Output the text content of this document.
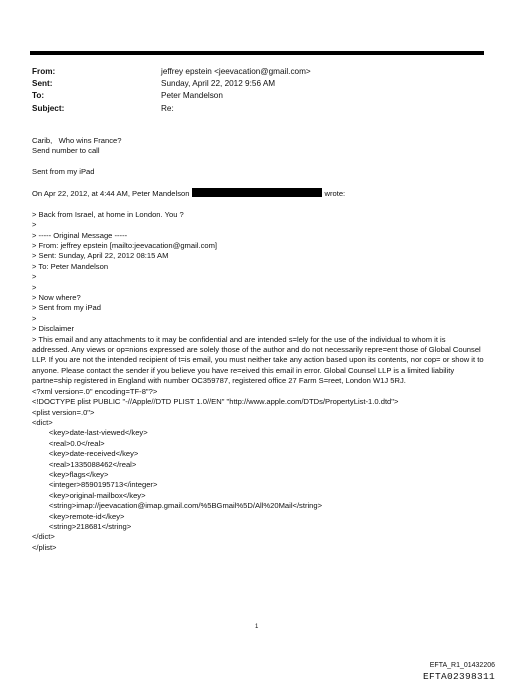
From:	jeffrey epstein <jeevacation@gmail.com>
Sent:	Sunday, April 22, 2012 9:56 AM
To:	Peter Mandelson
Subject:	Re:
Carib,   Who wins France?
Send number to call
Sent from my iPad
On Apr 22, 2012, at 4:44 AM, Peter Mandelson	wrote:
> Back from Israel, at home in London. You ?
>
> ----- Original Message -----
> From: jeffrey epstein [mailto:jeevacation@gmail.com]
> Sent: Sunday, April 22, 2012 08:15 AM
> To: Peter Mandelson
>
>
> Now where?
> Sent from my iPad
>
> Disclaimer
> This email and any attachments to it may be confidential and are intended s=lely for the use of the individual to whom it is addressed. Any views or op=nions expressed are solely those of the author and do not necessarily repre=ent those of Global Counsel LLP. If you are not the intended recipient of t=is email, you must neither take any action based upon its contents, nor cop= or show it to anyone. Please contact the sender if you believe you have re=eived this email in error. Global Counsel LLP is a limited liability partne=ship registered in England with number OC359787, registered office 27 Farm S=reet, London W1J 5RJ.
<?xml version=.0" encoding=TF-8"?>
<!DOCTYPE plist PUBLIC "-//Apple//DTD PLIST 1.0//EN" "http://www.apple.com/DTDs/PropertyList-1.0.dtd">
<plist version=.0">
<dict>
<key>date-last-viewed</key>
<real>0.0</real>
<key>date-received</key>
<real>1335088462</real>
<key>flags</key>
<integer>8590195713</integer>
<key>original-mailbox</key>
<string>imap://jeevacation@imap.gmail.com/%5BGmail%5D/All%20Mail</string>
<key>remote-id</key>
<string>218681</string>
</dict>
</plist>
1
EFTA_R1_01432206
EFTA02398311
